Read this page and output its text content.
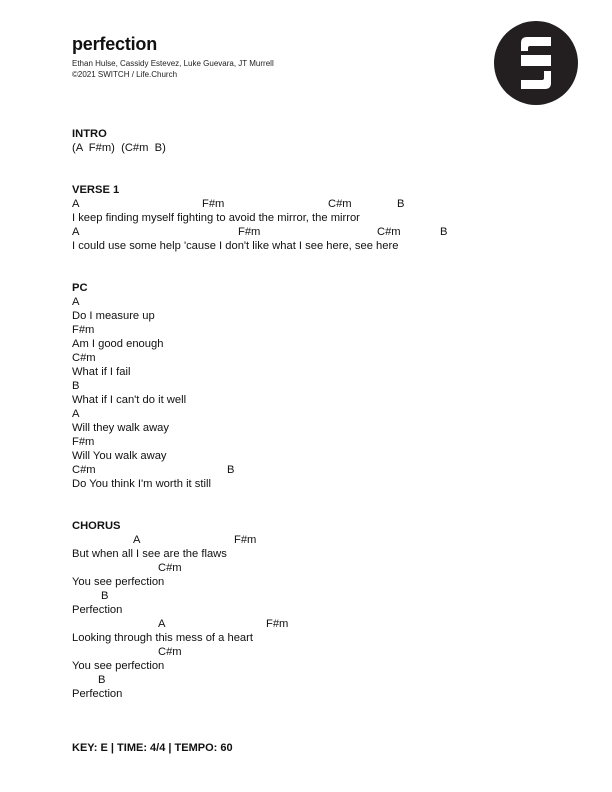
perfection
Ethan Hulse, Cassidy Estevez, Luke Guevara, JT Murrell
©2021 SWITCH / Life.Church
INTRO
(A  F#m)  (C#m  B)
VERSE 1
A	F#m	C#m	B
I keep finding myself fighting to avoid the mirror, the mirror
A	F#m	C#m	B
I could use some help 'cause I don't like what I see here, see here
PC
A
Do I measure up
F#m
Am I good enough
C#m
What if I fail
B
What if I can't do it well
A
Will they walk away
F#m
Will You walk away
C#m	B
Do You think I'm worth it still
CHORUS
A	F#m
But when all I see are the flaws
C#m
You see perfection
B
Perfection
A	F#m
Looking through this mess of a heart
C#m
You see perfection
B
Perfection
KEY: E | TIME: 4/4 | TEMPO: 60
